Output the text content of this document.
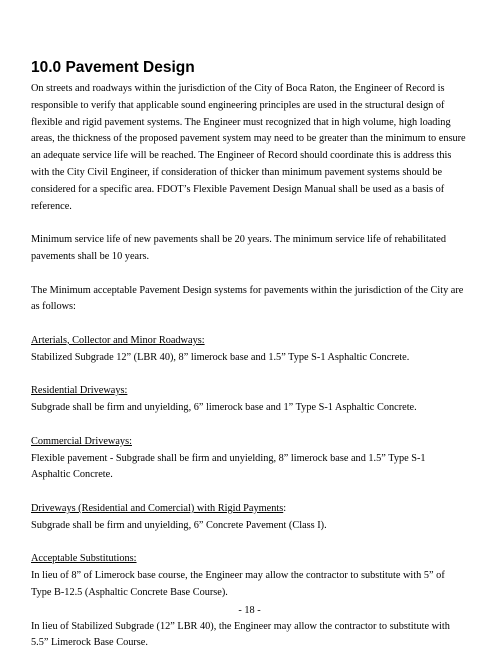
10.0 Pavement Design

On streets and roadways within the jurisdiction of the City of Boca Raton, the Engineer of Record is responsible to verify that applicable sound engineering principles are used in the structural design of flexible and rigid pavement systems. The Engineer must recognized that in high volume, high loading areas, the thickness of the proposed pavement system may need to be greater than the minimum to ensure an adequate service life will be reached. The Engineer of Record should coordinate this is address this with the City Civil Engineer, if consideration of thicker than minimum pavement systems should be considered for a specific area. FDOT’s Flexible Pavement Design Manual shall be used as a basis of reference.

Minimum service life of new pavements shall be 20 years. The minimum service life of rehabilitated pavements shall be 10 years.

The Minimum acceptable Pavement Design systems for pavements within the jurisdiction of the City are as follows:

Arterials, Collector and Minor Roadways:

Stabilized Subgrade 12” (LBR 40), 8” limerock base and 1.5” Type S-1 Asphaltic Concrete.

Residential Driveways:

Subgrade shall be firm and unyielding, 6” limerock base and 1” Type S-1 Asphaltic Concrete.

Commercial Driveways:

Flexible pavement - Subgrade shall be firm and unyielding, 8” limerock base and 1.5” Type S-1 Asphaltic Concrete.

Driveways (Residential and Comercial) with Rigid Payments:

Subgrade shall be firm and unyielding, 6” Concrete Pavement (Class I).

Acceptable Substitutions:

In lieu of 8” of Limerock base course, the Engineer may allow the contractor to substitute with 5” of Type B-12.5 (Asphaltic Concrete Base Course).

In lieu of Stabilized Subgrade (12” LBR 40), the Engineer may allow the contractor to substitute with 5.5” Limerock Base Course.

- 18 -
